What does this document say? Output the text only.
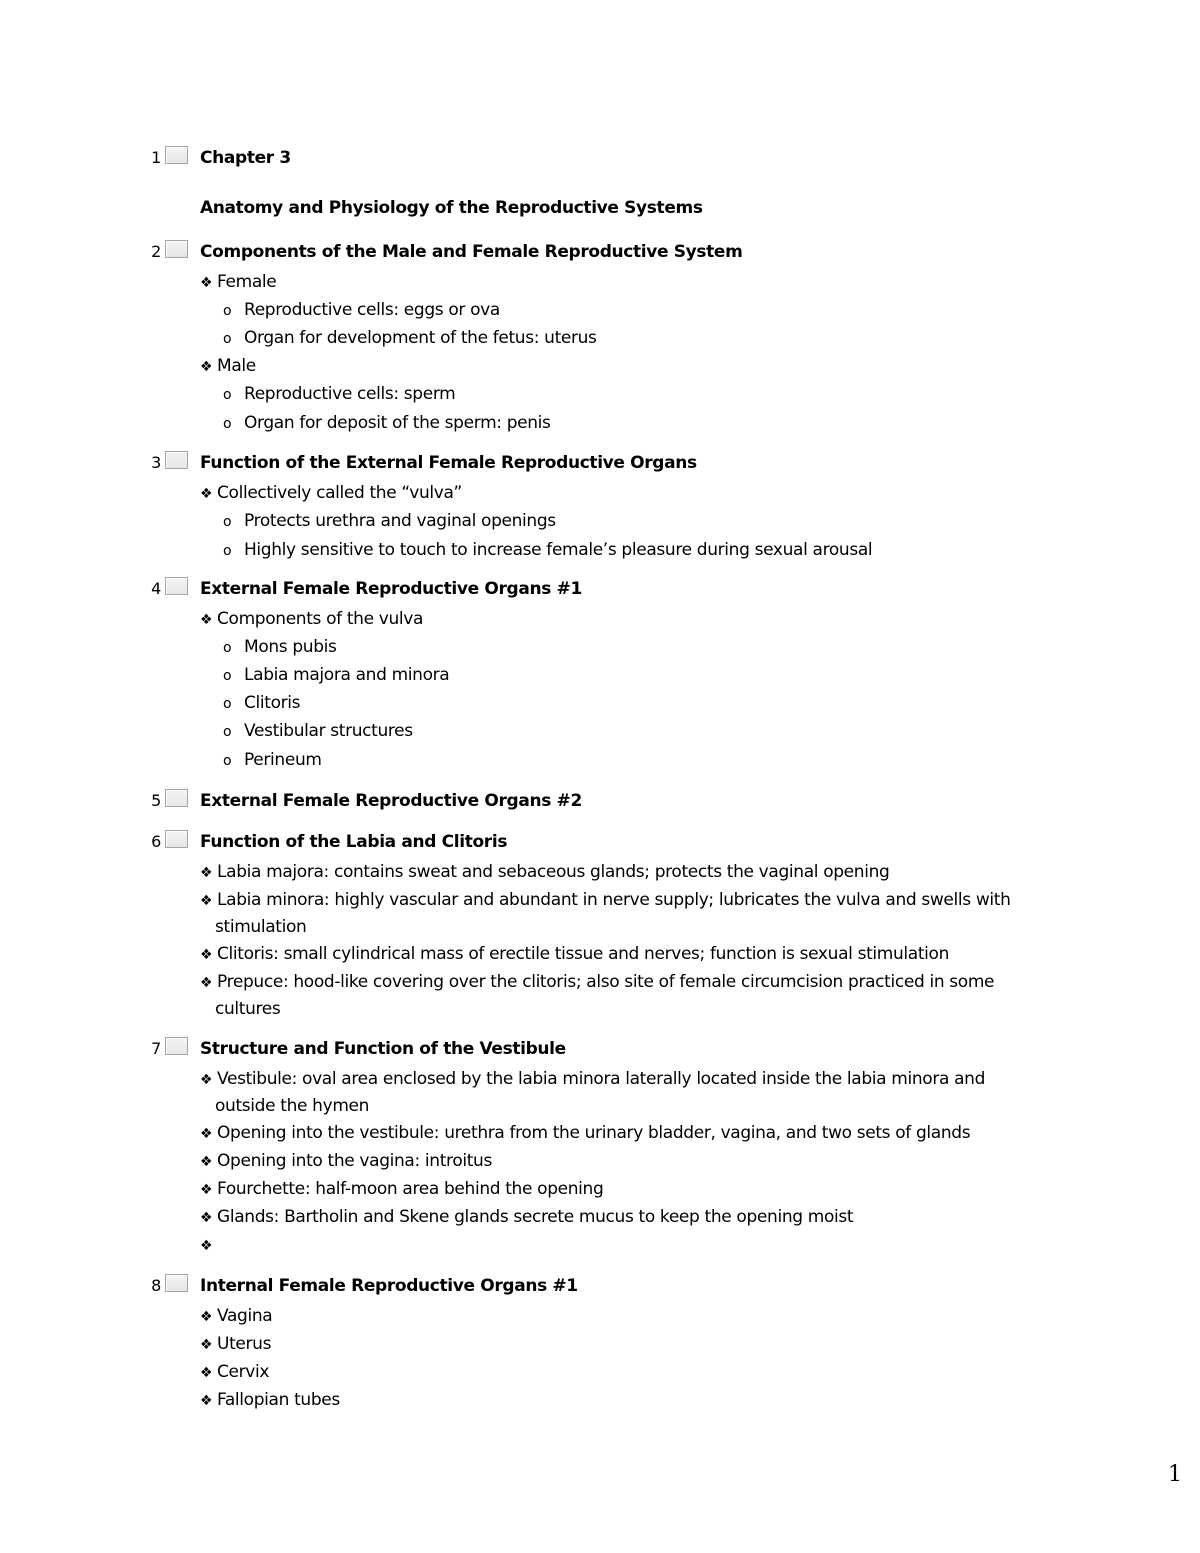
1 Chapter 3
Anatomy and Physiology of the Reproductive Systems
2 Components of the Male and Female Reproductive System
❖ Female
o Reproductive cells: eggs or ova
o Organ for development of the fetus: uterus
❖ Male
o Reproductive cells: sperm
o Organ for deposit of the sperm: penis
3 Function of the External Female Reproductive Organs
❖ Collectively called the “vulva”
o Protects urethra and vaginal openings
o Highly sensitive to touch to increase female’s pleasure during sexual arousal
4 External Female Reproductive Organs #1
❖ Components of the vulva
o Mons pubis
o Labia majora and minora
o Clitoris
o Vestibular structures
o Perineum
5 External Female Reproductive Organs #2
6 Function of the Labia and Clitoris
❖ Labia majora: contains sweat and sebaceous glands; protects the vaginal opening
❖ Labia minora: highly vascular and abundant in nerve supply; lubricates the vulva and swells with
stimulation
❖ Clitoris: small cylindrical mass of erectile tissue and nerves; function is sexual stimulation
❖ Prepuce: hood-like covering over the clitoris; also site of female circumcision practiced in some
cultures
7 Structure and Function of the Vestibule
❖ Vestibule: oval area enclosed by the labia minora laterally located inside the labia minora and
outside the hymen
❖ Opening into the vestibule: urethra from the urinary bladder, vagina, and two sets of glands
❖ Opening into the vagina: introitus
❖ Fourchette: half-moon area behind the opening
❖ Glands: Bartholin and Skene glands secrete mucus to keep the opening moist
❖
8 Internal Female Reproductive Organs #1
❖ Vagina
❖ Uterus
❖ Cervix
❖ Fallopian tubes
1
